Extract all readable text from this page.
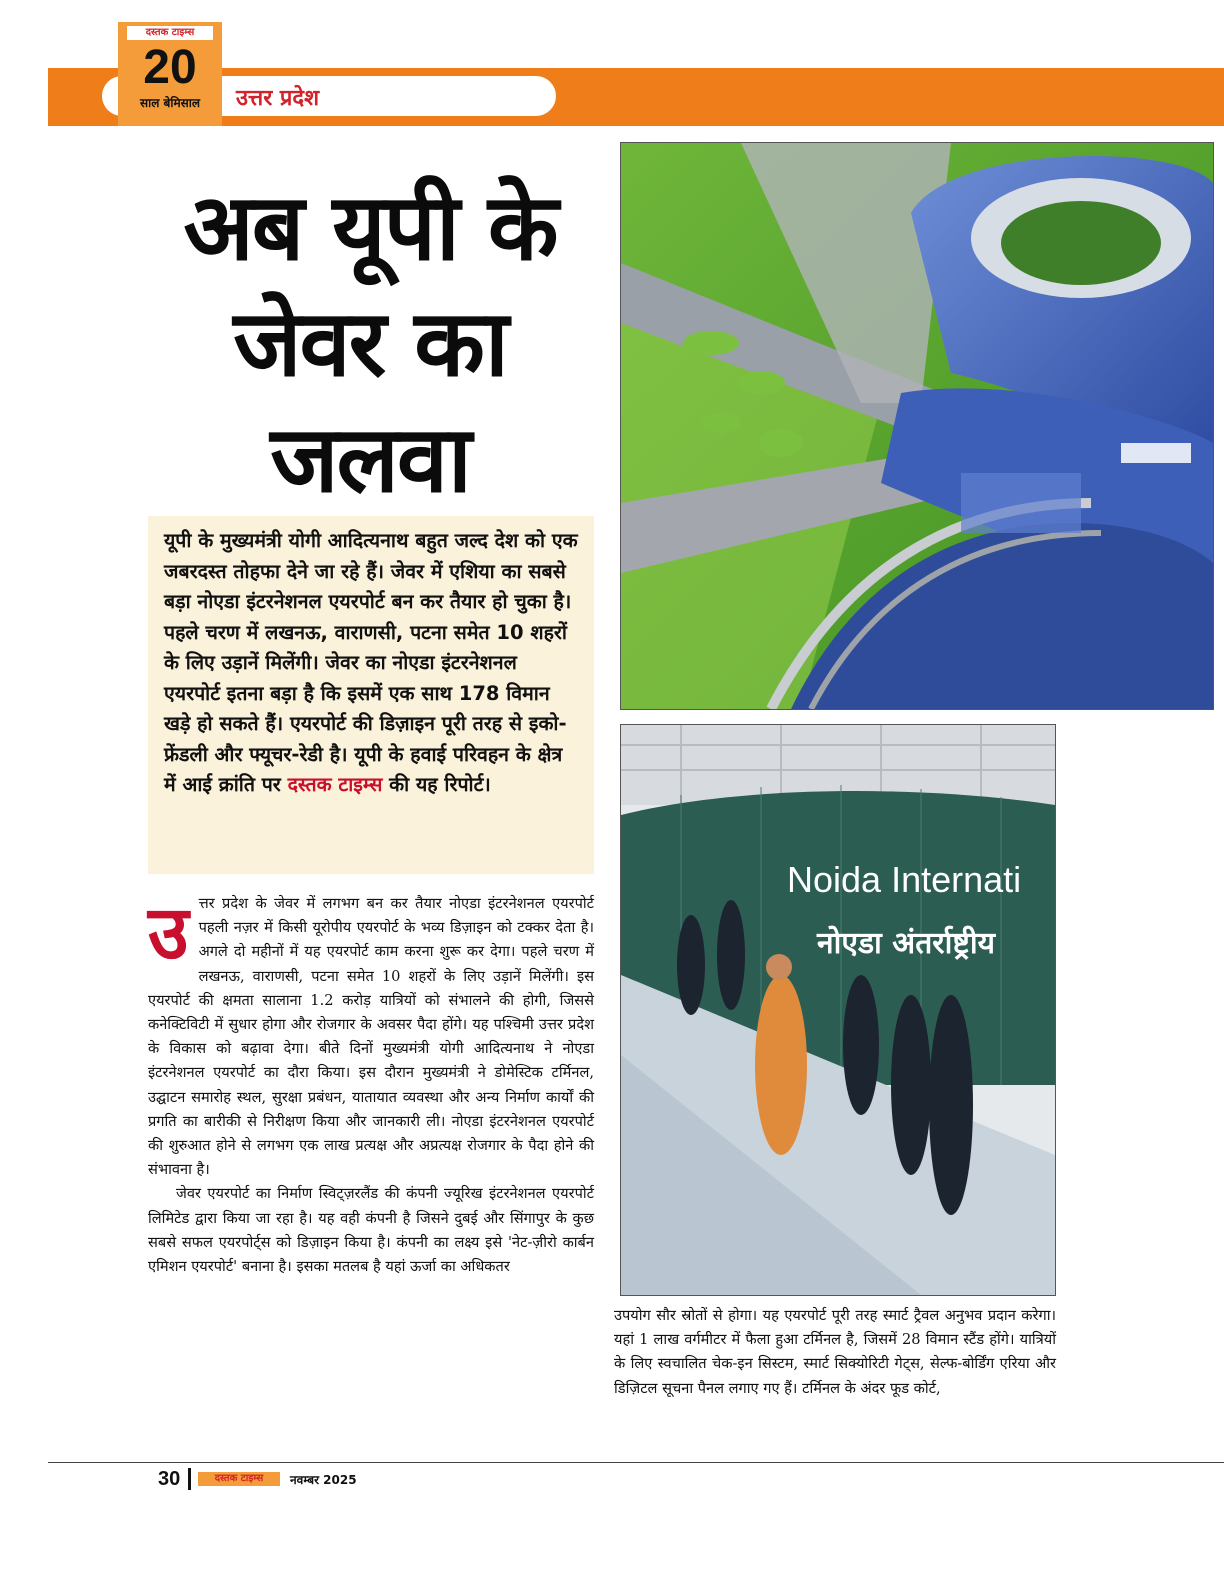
उत्तर प्रदेश
दस्तक टाइम्स
20
साल बेमिसाल
अब यूपी के
जेवर का
जलवा
यूपी के मुख्यमंत्री योगी आदित्यनाथ बहुत जल्द देश को एक जबरदस्त तोहफा देने जा रहे हैं। जेवर में एशिया का सबसे बड़ा नोएडा इंटरनेशनल एयरपोर्ट बन कर तैयार हो चुका है। पहले चरण में लखनऊ, वाराणसी, पटना समेत 10 शहरों के लिए उड़ानें मिलेंगी। जेवर का नोएडा इंटरनेशनल एयरपोर्ट इतना बड़ा है कि इसमें एक साथ 178 विमान खड़े हो सकते हैं। एयरपोर्ट की डिज़ाइन पूरी तरह से इको-फ्रेंडली और फ्यूचर-रेडी है। यूपी के हवाई परिवहन के क्षेत्र में आई क्रांति पर दस्तक टाइम्स की यह रिपोर्ट।

उत्तर प्रदेश के जेवर में लगभग बन कर तैयार नोएडा इंटरनेशनल एयरपोर्ट पहली नज़र में किसी यूरोपीय एयरपोर्ट के भव्य डिज़ाइन को टक्कर देता है। अगले दो महीनों में यह एयरपोर्ट काम करना शुरू कर देगा। पहले चरण में लखनऊ, वाराणसी, पटना समेत 10 शहरों के लिए उड़ानें मिलेंगी। इस एयरपोर्ट की क्षमता सालाना 1.2 करोड़ यात्रियों को संभालने की होगी, जिससे कनेक्टिविटी में सुधार होगा और रोजगार के अवसर पैदा होंगे। यह पश्चिमी उत्तर प्रदेश के विकास को बढ़ावा देगा। बीते दिनों मुख्यमंत्री योगी आदित्यनाथ ने नोएडा इंटरनेशनल एयरपोर्ट का दौरा किया। इस दौरान मुख्यमंत्री ने डोमेस्टिक टर्मिनल, उद्घाटन समारोह स्थल, सुरक्षा प्रबंधन, यातायात व्यवस्था और अन्य निर्माण कार्यों की प्रगति का बारीकी से निरीक्षण किया और जानकारी ली। नोएडा इंटरनेशनल एयरपोर्ट की शुरुआत होने से लगभग एक लाख प्रत्यक्ष और अप्रत्यक्ष रोजगार के पैदा होने की संभावना है।

जेवर एयरपोर्ट का निर्माण स्विट्ज़रलैंड की कंपनी ज्यूरिख इंटरनेशनल एयरपोर्ट लिमिटेड द्वारा किया जा रहा है। यह वही कंपनी है जिसने दुबई और सिंगापुर के कुछ सबसे सफल एयरपोर्ट्स को डिज़ाइन किया है। कंपनी का लक्ष्य इसे 'नेट-ज़ीरो कार्बन एमिशन एयरपोर्ट' बनाना है। इसका मतलब है यहां ऊर्जा का अधिकतर

उपयोग सौर स्रोतों से होगा। यह एयरपोर्ट पूरी तरह स्मार्ट ट्रैवल अनुभव प्रदान करेगा। यहां 1 लाख वर्गमीटर में फैला हुआ टर्मिनल है, जिसमें 28 विमान स्टैंड होंगे। यात्रियों के लिए स्वचालित चेक-इन सिस्टम, स्मार्ट सिक्योरिटी गेट्स, सेल्फ-बोर्डिंग एरिया और डिज़िटल सूचना पैनल लगाए गए हैं। टर्मिनल के अंदर फूड कोर्ट,

Noida Internati
नोएडा अंतर्राष्ट्रीय
30	दस्तक टाइम्स	नवम्बर 2025
